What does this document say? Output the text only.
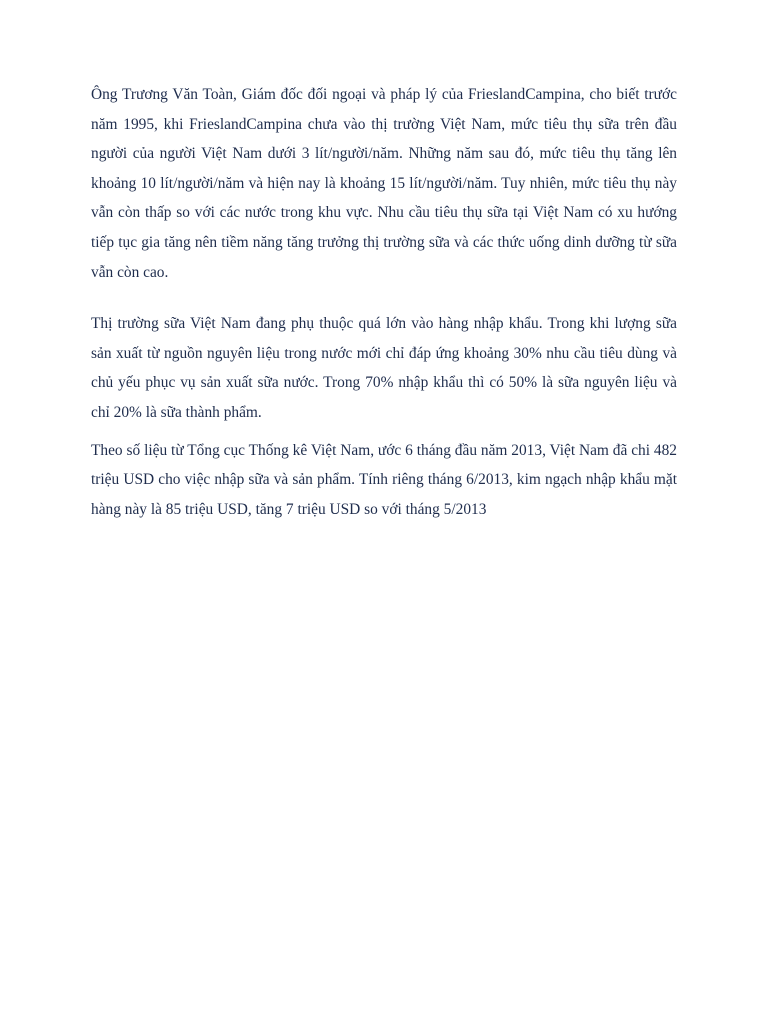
Ông Trương Văn Toàn, Giám đốc đối ngoại và pháp lý của FrieslandCampina, cho biết trước năm 1995, khi FrieslandCampina chưa vào thị trường Việt Nam, mức tiêu thụ sữa trên đầu người của người Việt Nam dưới 3 lít/người/năm. Những năm sau đó, mức tiêu thụ tăng lên khoảng 10 lít/người/năm và hiện nay là khoảng 15 lít/người/năm. Tuy nhiên, mức tiêu thụ này vẫn còn thấp so với các nước trong khu vực. Nhu cầu tiêu thụ sữa tại Việt Nam có xu hướng tiếp tục gia tăng nên tiềm năng tăng trưởng thị trường sữa và các thức uống dinh dưỡng từ sữa vẫn còn cao.

Thị trường sữa Việt Nam đang phụ thuộc quá lớn vào hàng nhập khẩu. Trong khi lượng sữa sản xuất từ nguồn nguyên liệu trong nước mới chỉ đáp ứng khoảng 30% nhu cầu tiêu dùng và chủ yếu phục vụ sản xuất sữa nước. Trong 70% nhập khẩu thì có 50% là sữa nguyên liệu và chỉ 20% là sữa thành phẩm.

Theo số liệu từ Tổng cục Thống kê Việt Nam, ước 6 tháng đầu năm 2013, Việt Nam đã chi 482 triệu USD cho việc nhập sữa và sản phẩm. Tính riêng tháng 6/2013, kim ngạch nhập khẩu mặt hàng này là 85 triệu USD, tăng 7 triệu USD so với tháng 5/2013
